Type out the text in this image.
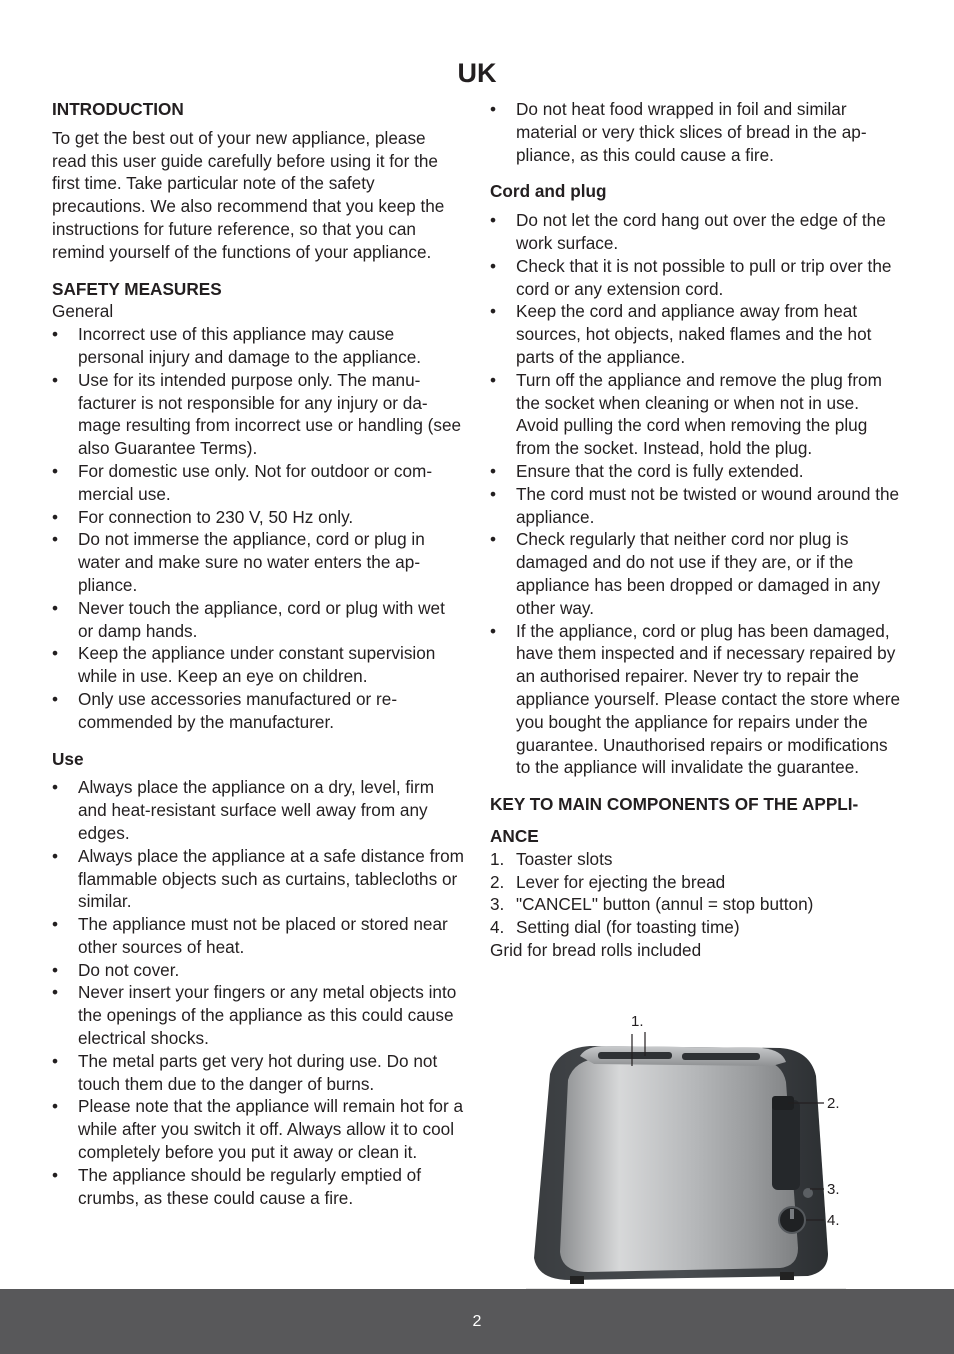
UK

INTRODUCTION

To get the best out of your new appliance, please read this user guide carefully before using it for the first time. Take particular note of the safety precautions. We also recommend that you keep the instructions for future reference, so that you can remind yourself of the functions of your appliance.

SAFETY MEASURES

General

• Incorrect use of this appliance may cause personal injury and damage to the appliance.
• Use for its intended purpose only. The manufacturer is not responsible for any injury or damage resulting from incorrect use or handling (see also Guarantee Terms).
• For domestic use only. Not for outdoor or commercial use.
• For connection to 230 V, 50 Hz only.
• Do not immerse the appliance, cord or plug in water and make sure no water enters the appliance.
• Never touch the appliance, cord or plug with wet or damp hands.
• Keep the appliance under constant supervision while in use. Keep an eye on children.
• Only use accessories manufactured or recommended by the manufacturer.

Use

• Always place the appliance on a dry, level, firm and heat-resistant surface well away from any edges.
• Always place the appliance at a safe distance from flammable objects such as curtains, tablecloths or similar.
• The appliance must not be placed or stored near other sources of heat.
• Do not cover.
• Never insert your fingers or any metal objects into the openings of the appliance as this could cause electrical shocks.
• The metal parts get very hot during use. Do not touch them due to the danger of burns.
• Please note that the appliance will remain hot for a while after you switch it off. Always allow it to cool completely before you put it away or clean it.
• The appliance should be regularly emptied of crumbs, as these could cause a fire.
• Do not heat food wrapped in foil and similar material or very thick slices of bread in the appliance, as this could cause a fire.

Cord and plug

• Do not let the cord hang out over the edge of the work surface.
• Check that it is not possible to pull or trip over the cord or any extension cord.
• Keep the cord and appliance away from heat sources, hot objects, naked flames and the hot parts of the appliance.
• Turn off the appliance and remove the plug from the socket when cleaning or when not in use. Avoid pulling the cord when removing the plug from the socket. Instead, hold the plug.
• Ensure that the cord is fully extended.
• The cord must not be twisted or wound around the appliance.
• Check regularly that neither cord nor plug is damaged and do not use if they are, or if the appliance has been dropped or damaged in any other way.
• If the appliance, cord or plug has been damaged, have them inspected and if necessary repaired by an authorised repairer. Never try to repair the appliance yourself. Please contact the store where you bought the appliance for repairs under the guarantee. Unauthorised repairs or modifications to the appliance will invalidate the guarantee.

KEY TO MAIN COMPONENTS OF THE APPLI-

ANCE

1. Toaster slots
2. Lever for ejecting the bread
3. "CANCEL" button (annul = stop button)
4. Setting dial (for toasting time)

Grid for bread rolls included

1.
2.
3.
4.
2
